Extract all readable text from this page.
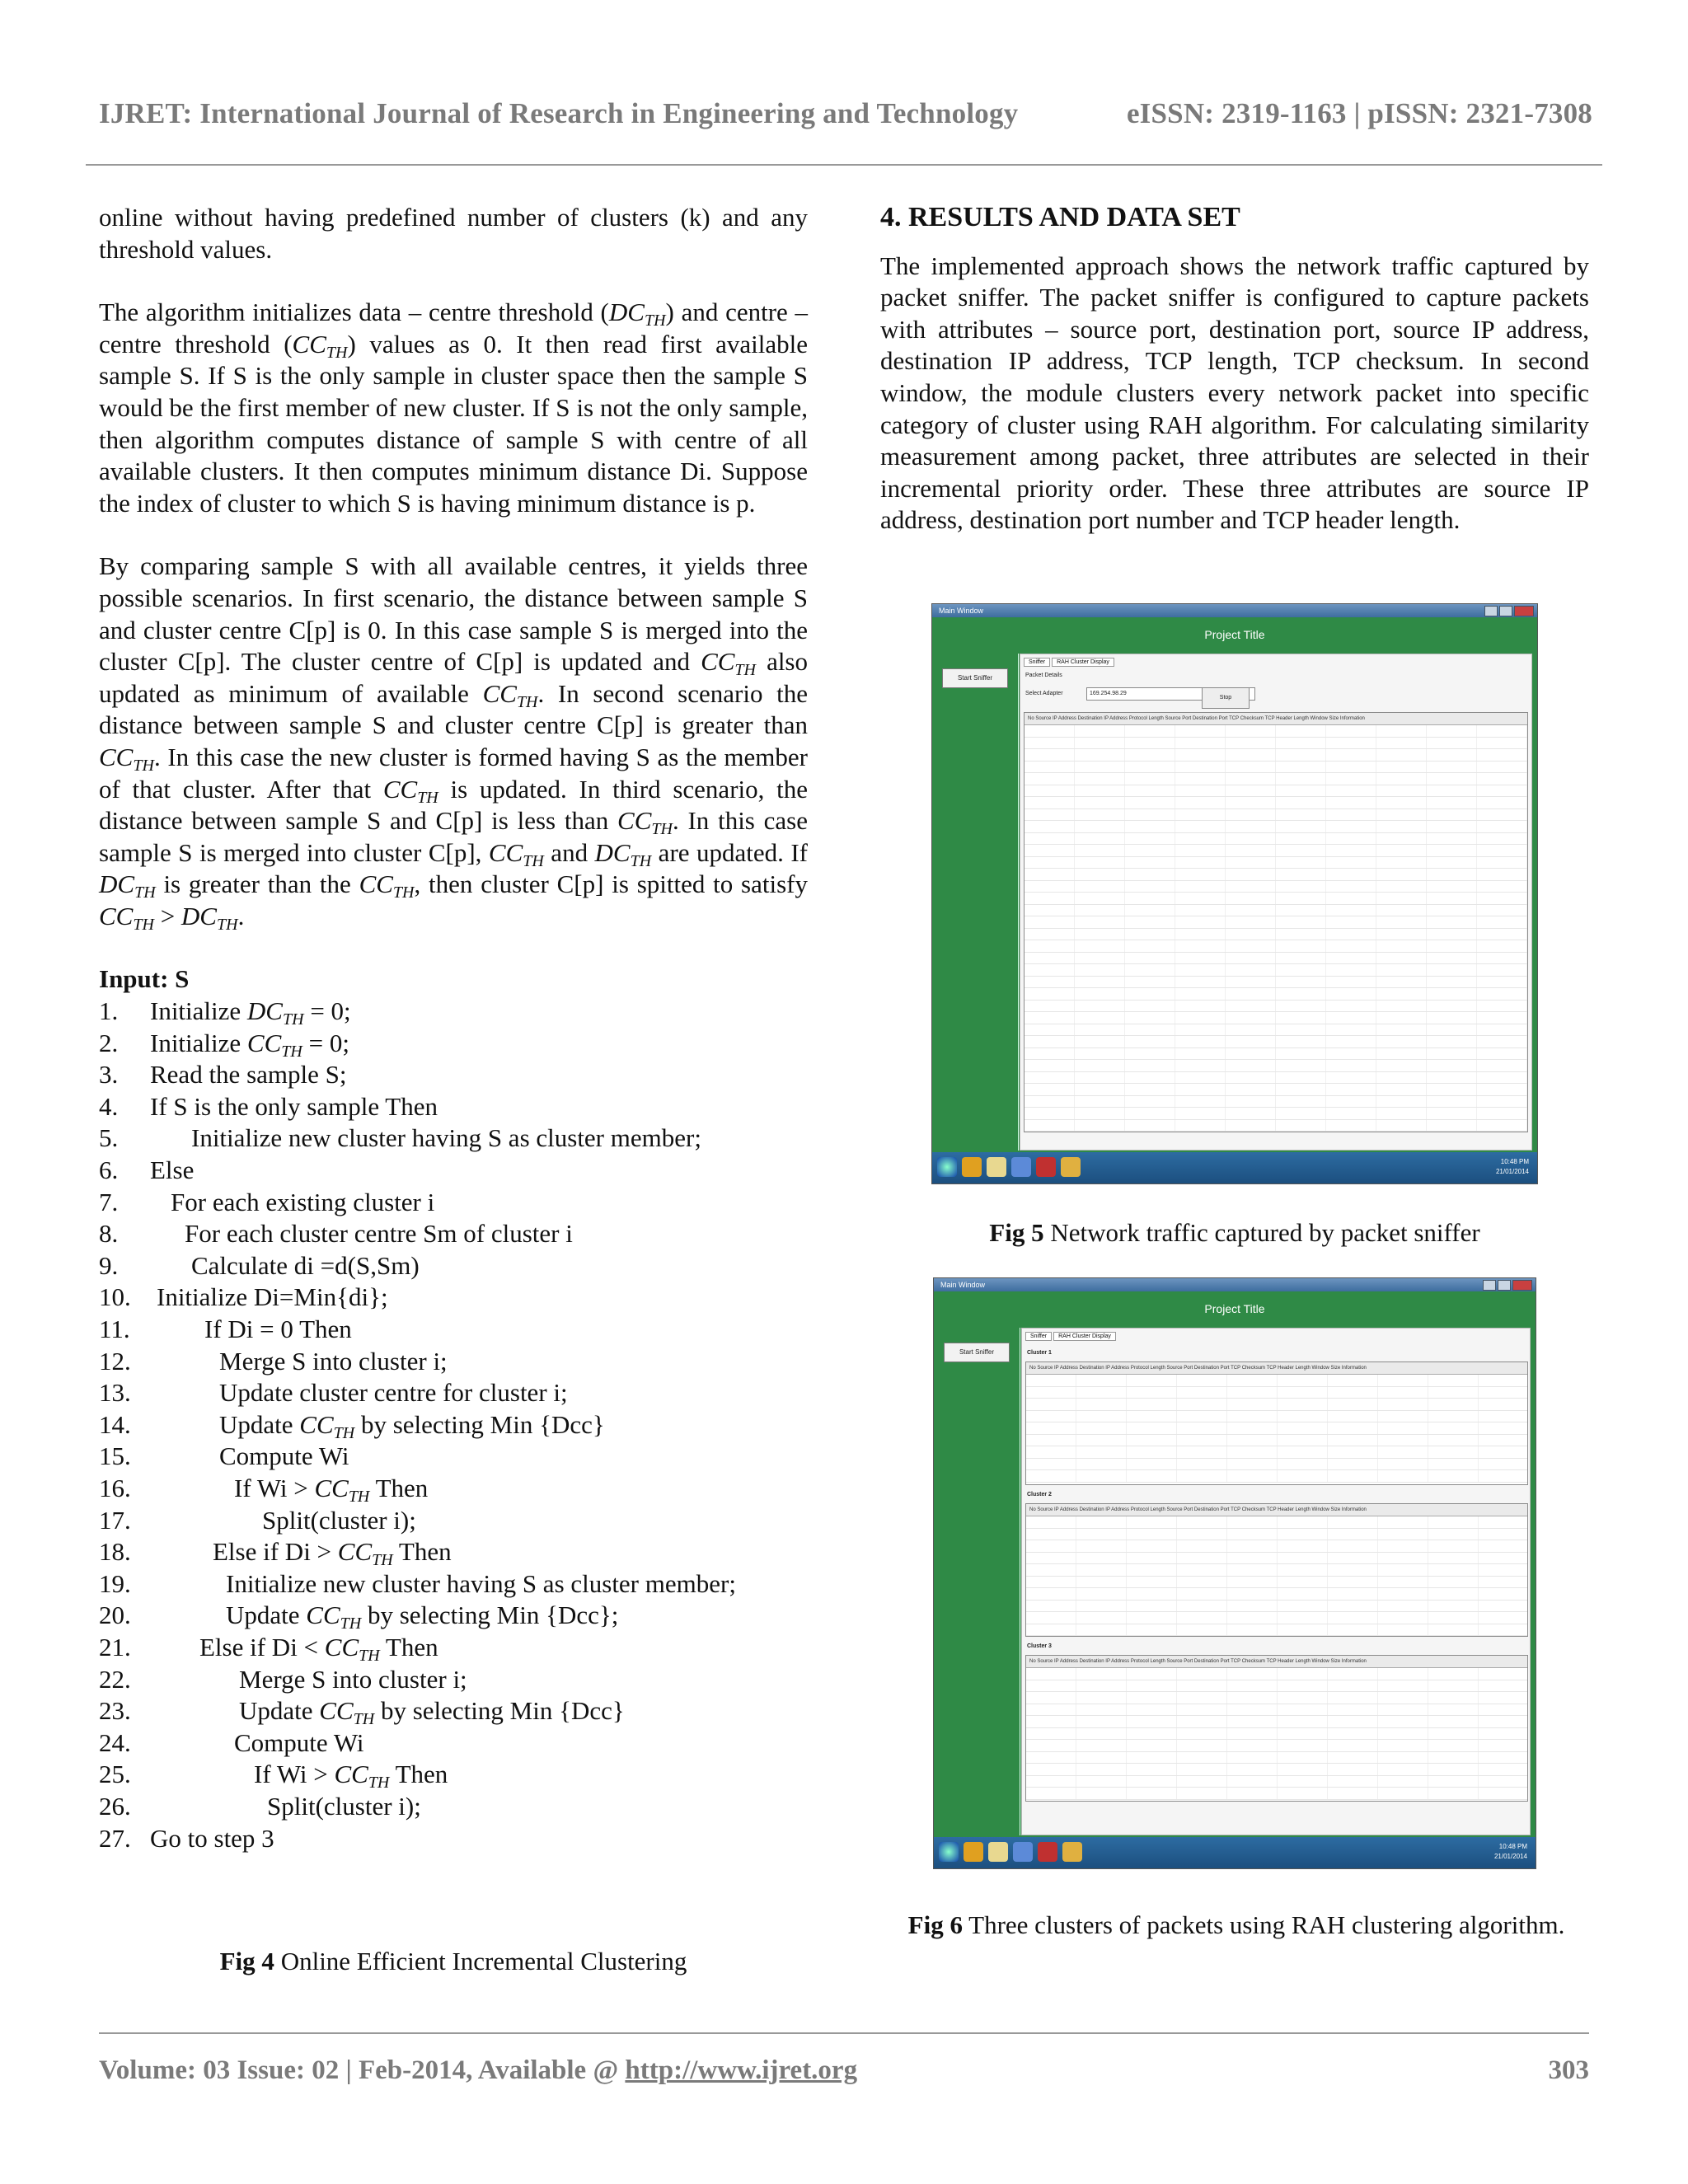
IJRET: International Journal of Research in Engineering and Technology	eISSN: 2319-1163 | pISSN: 2321-7308

online without having predefined number of clusters (k) and any threshold values.

The algorithm initializes data – centre threshold $(DC_{TH})$ and centre – centre threshold $(CC_{TH})$ values as 0. It then read first available sample S. If S is the only sample in cluster space then the sample S would be the first member of new cluster. If S is not the only sample, then algorithm computes distance of sample S with centre of all available clusters. It then computes minimum distance Di. Suppose the index of cluster to which S is having minimum distance is p.

By comparing sample S with all available centres, it yields three possible scenarios. In first scenario, the distance between sample S and cluster centre C[p] is 0. In this case sample S is merged into the cluster C[p]. The cluster centre of C[p] is updated and $CC_{TH}$ also updated as minimum of available $CC_{TH}$. In second scenario the distance between sample S and cluster centre C[p] is greater than $CC_{TH}$. In this case the new cluster is formed having S as the member of that cluster. After that $CC_{TH}$ is updated. In third scenario, the distance between sample S and C[p] is less than $CC_{TH}$. In this case sample S is merged into cluster C[p], $CC_{TH}$ and $DC_{TH}$ are updated. If $DC_{TH}$ is greater than the $CC_{TH}$, then cluster C[p] is spitted to satisfy $CC_{TH} > DC_{TH}$.

Input: S

1.	Initialize $DC_{TH} = 0$;
2.	Initialize $CC_{TH} = 0$;
3.	Read the sample S;
4.	If S is the only sample Then
5.	Initialize new cluster having S as cluster member;
6.	Else
7.	For each existing cluster i
8.	For each cluster centre Sm of cluster i
9.	Calculate di =d(S,Sm)
10.	Initialize Di=Min{di};
11.	If Di = 0 Then
12.	Merge S into cluster i;
13.	Update cluster centre for cluster i;
14.	Update $CC_{TH}$ by selecting Min {Dcc}
15.	Compute Wi
16.	If $Wi > CC_{TH}$ Then
17.	Split(cluster i);
18.	Else if $Di > CC_{TH}$ Then
19.	Initialize new cluster having S as cluster member;
20.	Update $CC_{TH}$ by selecting Min {Dcc};
21.	Else if $Di < CC_{TH}$ Then
22.	Merge S into cluster i;
23.	Update $CC_{TH}$ by selecting Min {Dcc}
24.	Compute Wi
25.	If $Wi > CC_{TH}$ Then
26.	Split(cluster i);
27. Go to step 3
Fig 4 Online Efficient Incremental Clustering
4. RESULTS AND DATA SET

The implemented approach shows the network traffic captured by packet sniffer. The packet sniffer is configured to capture packets with attributes – source port, destination port, source IP address, destination IP address, TCP length, TCP checksum. In second window, the module clusters every network packet into specific category of cluster using RAH algorithm. For calculating similarity measurement among packet, three attributes are selected in their incremental priority order. These three attributes are source IP address, destination port number and TCP header length.

Main Window
Project Title
Start Sniffer
Sniffer	RAH Cluster Display
Packet Details
Select Adapter	169.254.98.29
Stop
No Source IP Address Destination IP Address Protocol Length Source Port Destination Port TCP Checksum TCP Header Length Window Size Information
10:48 PM
21/01/2014
Fig 5 Network traffic captured by packet sniffer
Main Window
Project Title
Start Sniffer
Sniffer	RAH Cluster Display
Cluster 1
No Source IP Address Destination IP Address Protocol Length Source Port Destination Port TCP Checksum TCP Header Length Window Size Information
Cluster 2
No Source IP Address Destination IP Address Protocol Length Source Port Destination Port TCP Checksum TCP Header Length Window Size Information
Cluster 3
No Source IP Address Destination IP Address Protocol Length Source Port Destination Port TCP Checksum TCP Header Length Window Size Information
10:48 PM
21/01/2014
Fig 6 Three clusters of packets using RAH clustering algorithm.
Volume: 03 Issue: 02 | Feb-2014, Available @ http://www.ijret.org	303
